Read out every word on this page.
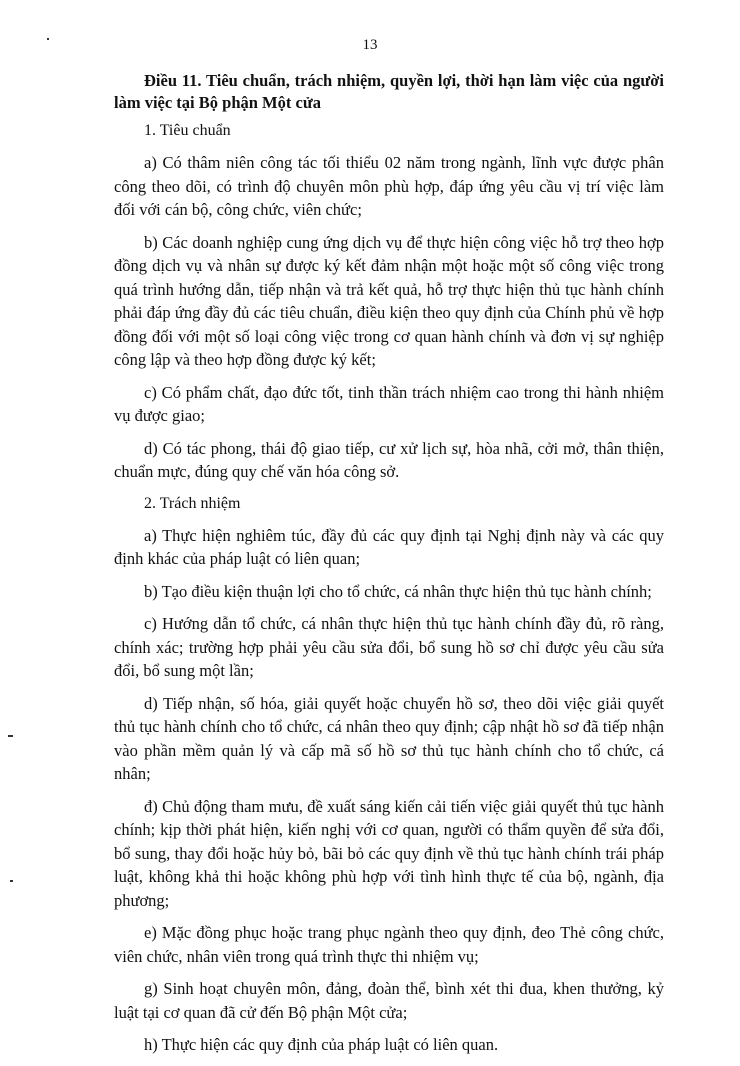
13

Điều 11. Tiêu chuẩn, trách nhiệm, quyền lợi, thời hạn làm việc của người làm việc tại Bộ phận Một cửa

1. Tiêu chuẩn

a) Có thâm niên công tác tối thiểu 02 năm trong ngành, lĩnh vực được phân công theo dõi, có trình độ chuyên môn phù hợp, đáp ứng yêu cầu vị trí việc làm đối với cán bộ, công chức, viên chức;

b) Các doanh nghiệp cung ứng dịch vụ để thực hiện công việc hỗ trợ theo hợp đồng dịch vụ và nhân sự được ký kết đảm nhận một hoặc một số công việc trong quá trình hướng dẫn, tiếp nhận và trả kết quả, hỗ trợ thực hiện thủ tục hành chính phải đáp ứng đầy đủ các tiêu chuẩn, điều kiện theo quy định của Chính phủ về hợp đồng đối với một số loại công việc trong cơ quan hành chính và đơn vị sự nghiệp công lập và theo hợp đồng được ký kết;

c) Có phẩm chất, đạo đức tốt, tinh thần trách nhiệm cao trong thi hành nhiệm vụ được giao;

d) Có tác phong, thái độ giao tiếp, cư xử lịch sự, hòa nhã, cởi mở, thân thiện, chuẩn mực, đúng quy chế văn hóa công sở.

2. Trách nhiệm

a) Thực hiện nghiêm túc, đầy đủ các quy định tại Nghị định này và các quy định khác của pháp luật có liên quan;

b) Tạo điều kiện thuận lợi cho tổ chức, cá nhân thực hiện thủ tục hành chính;

c) Hướng dẫn tổ chức, cá nhân thực hiện thủ tục hành chính đầy đủ, rõ ràng, chính xác; trường hợp phải yêu cầu sửa đổi, bổ sung hồ sơ chỉ được yêu cầu sửa đổi, bổ sung một lần;

d) Tiếp nhận, số hóa, giải quyết hoặc chuyển hồ sơ, theo dõi việc giải quyết thủ tục hành chính cho tổ chức, cá nhân theo quy định; cập nhật hồ sơ đã tiếp nhận vào phần mềm quản lý và cấp mã số hồ sơ thủ tục hành chính cho tổ chức, cá nhân;

đ) Chủ động tham mưu, đề xuất sáng kiến cải tiến việc giải quyết thủ tục hành chính; kịp thời phát hiện, kiến nghị với cơ quan, người có thẩm quyền để sửa đổi, bổ sung, thay đổi hoặc hủy bỏ, bãi bỏ các quy định về thủ tục hành chính trái pháp luật, không khả thi hoặc không phù hợp với tình hình thực tế của bộ, ngành, địa phương;

e) Mặc đồng phục hoặc trang phục ngành theo quy định, đeo Thẻ công chức, viên chức, nhân viên trong quá trình thực thi nhiệm vụ;

g) Sinh hoạt chuyên môn, đảng, đoàn thể, bình xét thi đua, khen thưởng, kỷ luật tại cơ quan đã cử đến Bộ phận Một cửa;

h) Thực hiện các quy định của pháp luật có liên quan.
